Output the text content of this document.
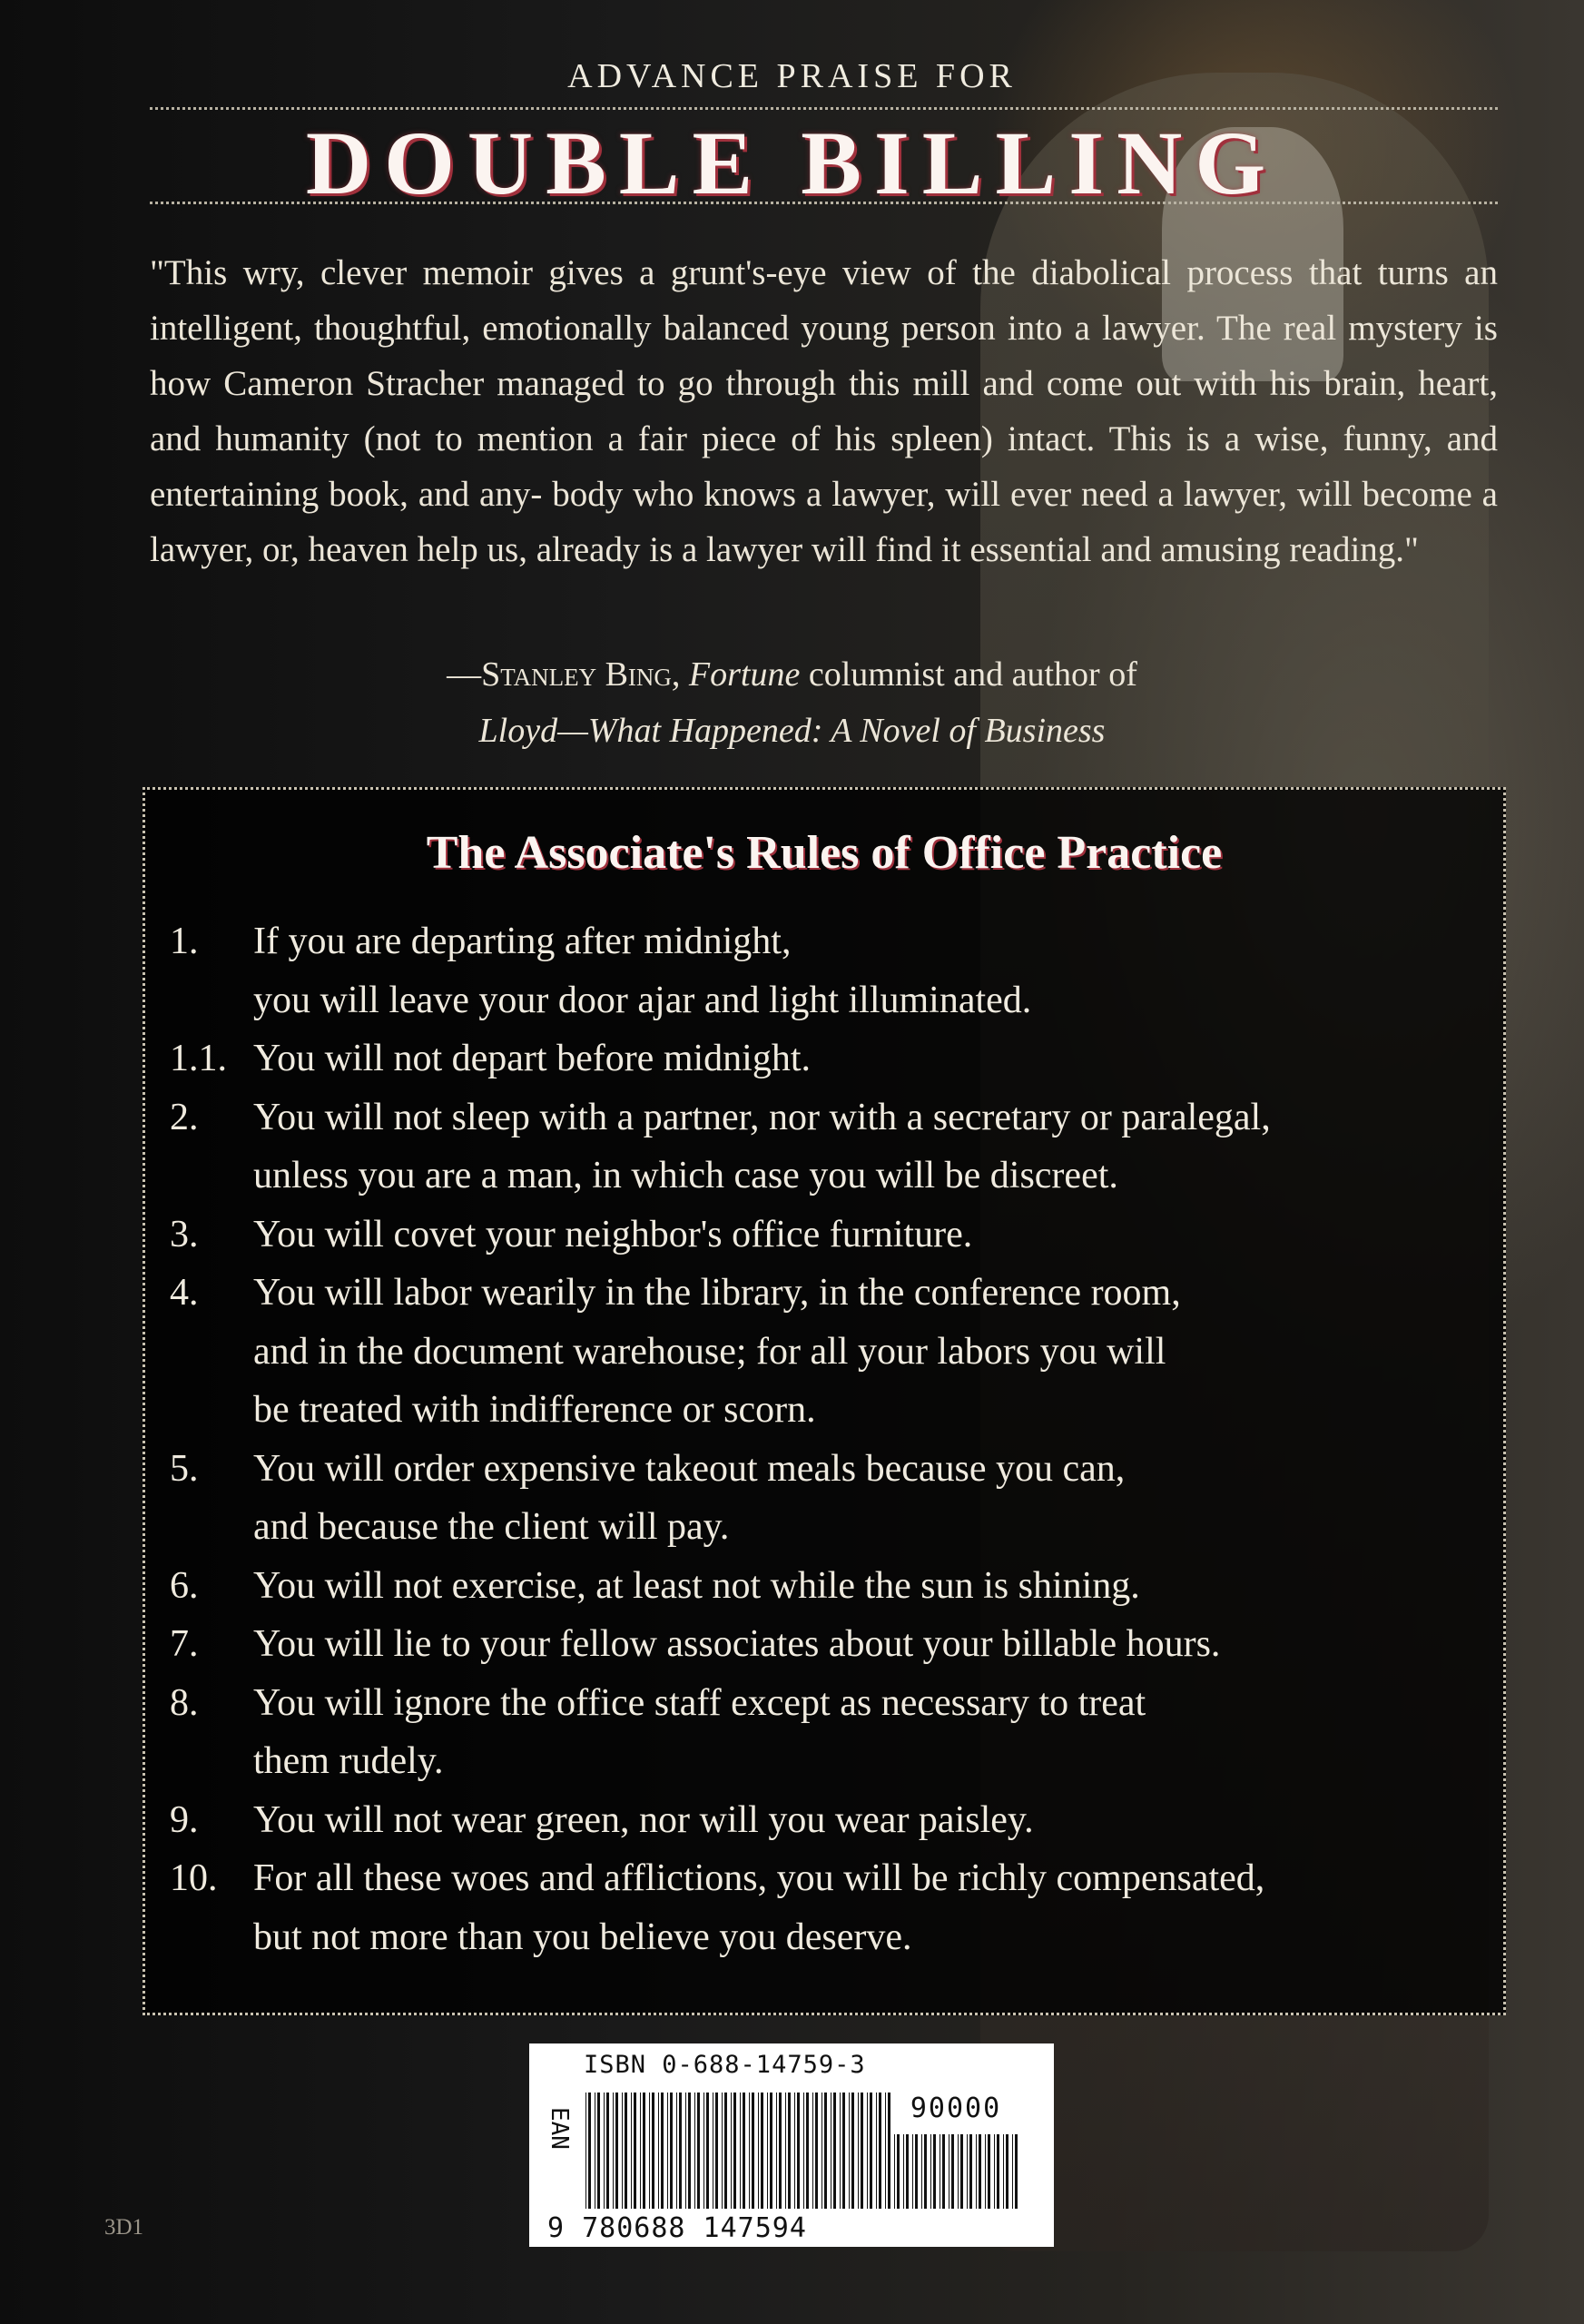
ADVANCE PRAISE FOR
DOUBLE BILLING
"This wry, clever memoir gives a grunt's-eye view of the diabolical process that turns an intelligent, thoughtful, emotionally balanced young person into a lawyer. The real mystery is how Cameron Stracher managed to go through this mill and come out with his brain, heart, and humanity (not to mention a fair piece of his spleen) intact. This is a wise, funny, and entertaining book, and any- body who knows a lawyer, will ever need a lawyer, will become a lawyer, or, heaven help us, already is a lawyer will find it essential and amusing reading."
—Stanley Bing, Fortune columnist and author of
Lloyd—What Happened: A Novel of Business
The Associate's Rules of Office Practice
1.	If you are departing after midnight,
you will leave your door ajar and light illuminated.
1.1. You will not depart before midnight.
2.	You will not sleep with a partner, nor with a secretary or paralegal,
unless you are a man, in which case you will be discreet.
3.	You will covet your neighbor's office furniture.
4.	You will labor wearily in the library, in the conference room,
and in the document warehouse; for all your labors you will
be treated with indifference or scorn.
5.	You will order expensive takeout meals because you can,
and because the client will pay.
6.	You will not exercise, at least not while the sun is shining.
7.	You will lie to your fellow associates about your billable hours.
8.	You will ignore the office staff except as necessary to treat
them rudely.
9.	You will not wear green, nor will you wear paisley.
10. For all these woes and afflictions, you will be richly compensated,
but not more than you believe you deserve.
ISBN 0-688-14759-3
EAN	90000
9 780688 147594
3D1
